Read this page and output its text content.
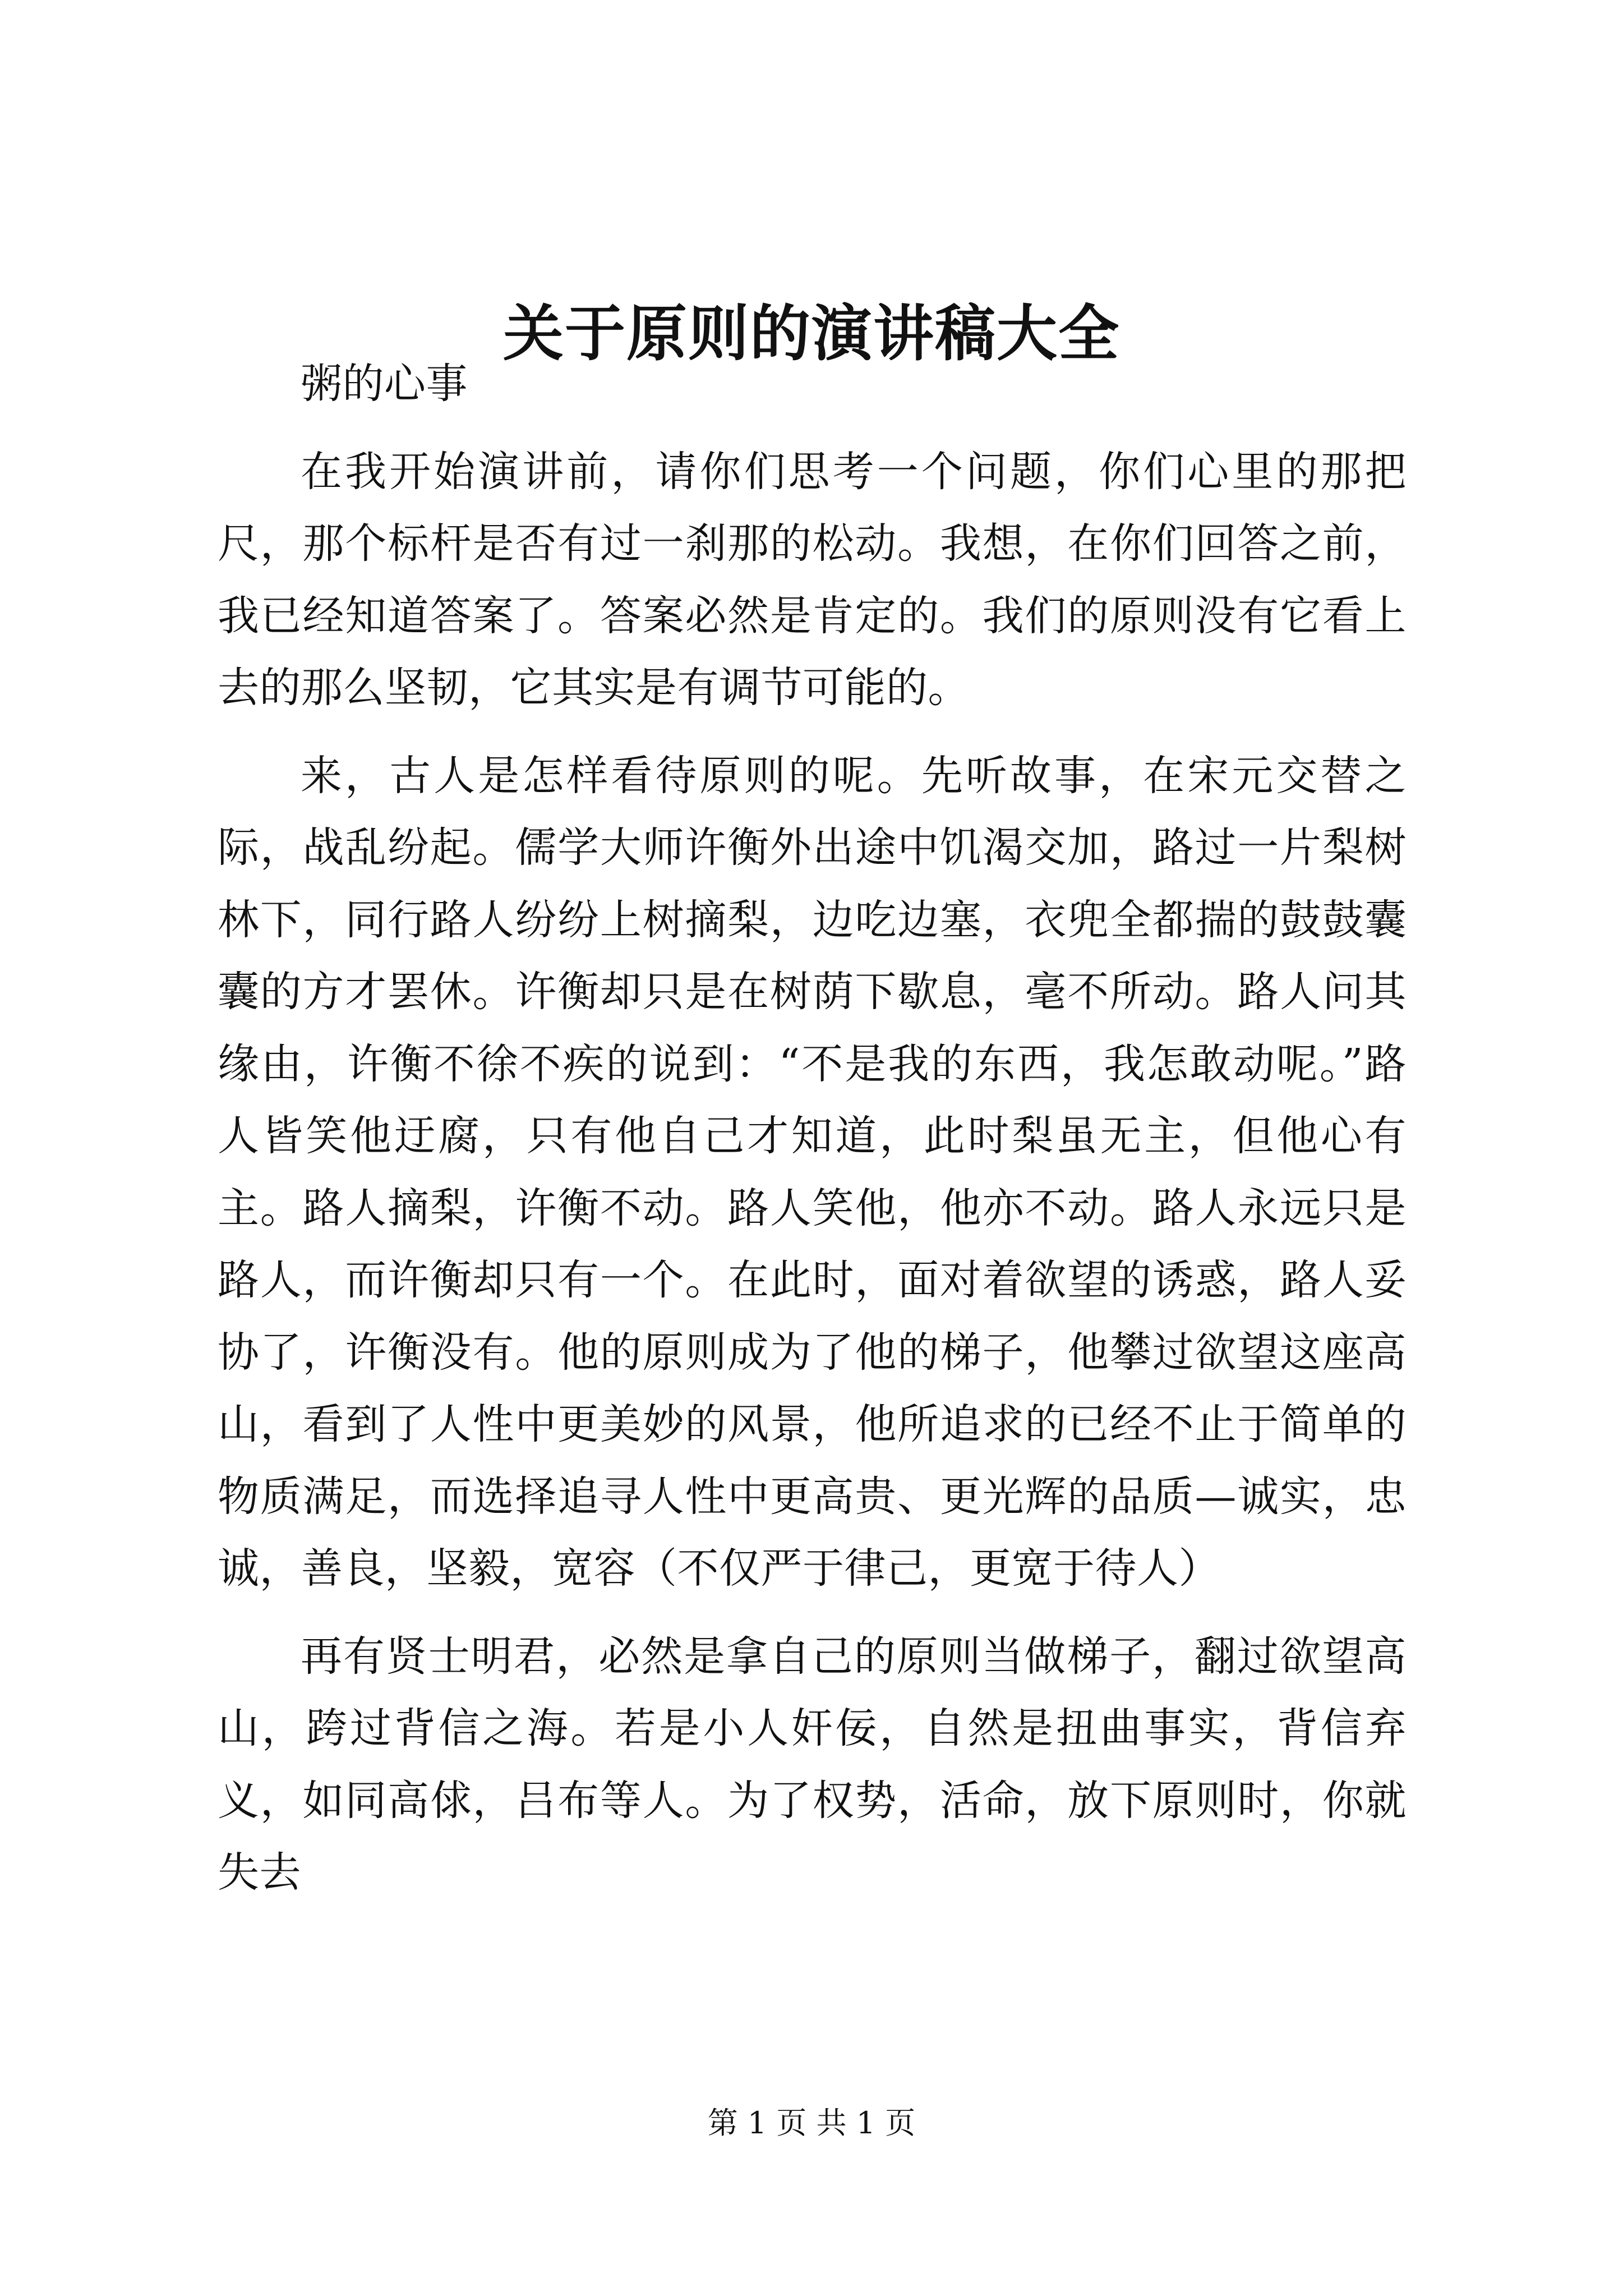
关于原则的演讲稿大全

粥的心事

在我开始演讲前，请你们思考一个问题，你们心里的那把尺，那个标杆是否有过一刹那的松动。我想，在你们回答之前，我已经知道答案了。答案必然是肯定的。我们的原则没有它看上去的那么坚韧，它其实是有调节可能的。

来，古人是怎样看待原则的呢。先听故事，在宋元交替之际，战乱纷起。儒学大师许衡外出途中饥渴交加，路过一片梨树林下，同行路人纷纷上树摘梨，边吃边塞，衣兜全都揣的鼓鼓囊囊的方才罢休。许衡却只是在树荫下歇息，毫不所动。路人问其缘由，许衡不徐不疾的说到：“不是我的东西，我怎敢动呢。”路人皆笑他迂腐，只有他自己才知道，此时梨虽无主，但他心有主。路人摘梨，许衡不动。路人笑他，他亦不动。路人永远只是路人，而许衡却只有一个。在此时，面对着欲望的诱惑，路人妥协了，许衡没有。他的原则成为了他的梯子，他攀过欲望这座高山，看到了人性中更美妙的风景，他所追求的已经不止于简单的物质满足，而选择追寻人性中更高贵、更光辉的品质—诚实，忠诚，善良，坚毅，宽容（不仅严于律己，更宽于待人）

再有贤士明君，必然是拿自己的原则当做梯子，翻过欲望高山，跨过背信之海。若是小人奸佞，自然是扭曲事实，背信弃义，如同高俅，吕布等人。为了权势，活命，放下原则时，你就失去

第 1 页 共 1 页
